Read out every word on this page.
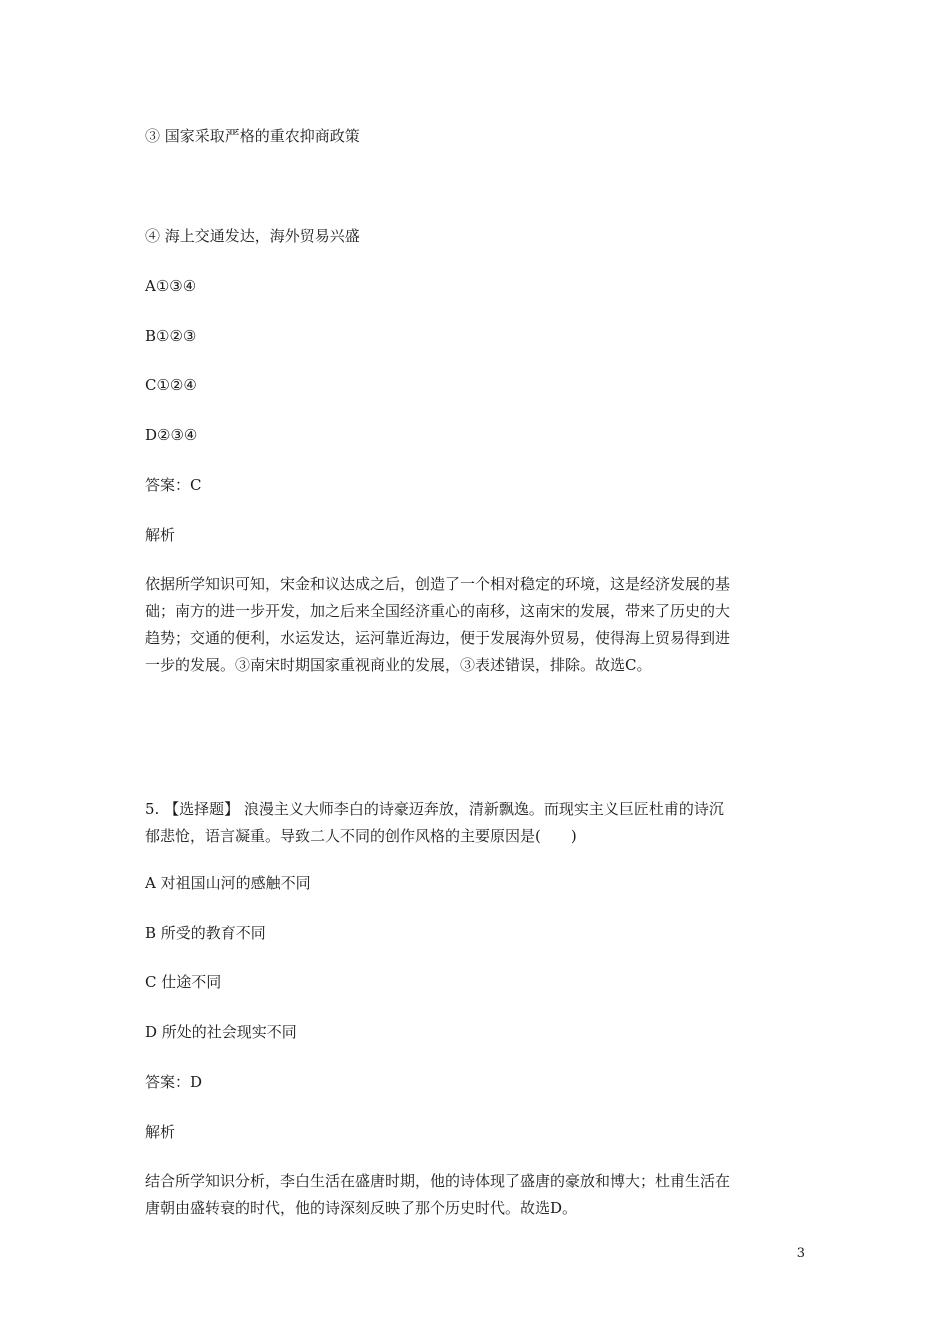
③ 国家采取严格的重农抑商政策
④ 海上交通发达，海外贸易兴盛
A①③④
B①②③
C①②④
D②③④
答案：C
解析
依据所学知识可知，宋金和议达成之后，创造了一个相对稳定的环境，这是经济发展的基
础；南方的进一步开发，加之后来全国经济重心的南移，这南宋的发展，带来了历史的大
趋势；交通的便利，水运发达，运河靠近海边，便于发展海外贸易，使得海上贸易得到进
一步的发展。③南宋时期国家重视商业的发展，③表述错误，排除。故选C。
5. 【选择题】 浪漫主义大师李白的诗豪迈奔放，清新飘逸。而现实主义巨匠杜甫的诗沉
郁悲怆，语言凝重。导致二人不同的创作风格的主要原因是(　　)
A 对祖国山河的感触不同
B 所受的教育不同
C 仕途不同
D 所处的社会现实不同
答案：D
解析
结合所学知识分析，李白生活在盛唐时期，他的诗体现了盛唐的豪放和博大；杜甫生活在
唐朝由盛转衰的时代，他的诗深刻反映了那个历史时代。故选D。
3
